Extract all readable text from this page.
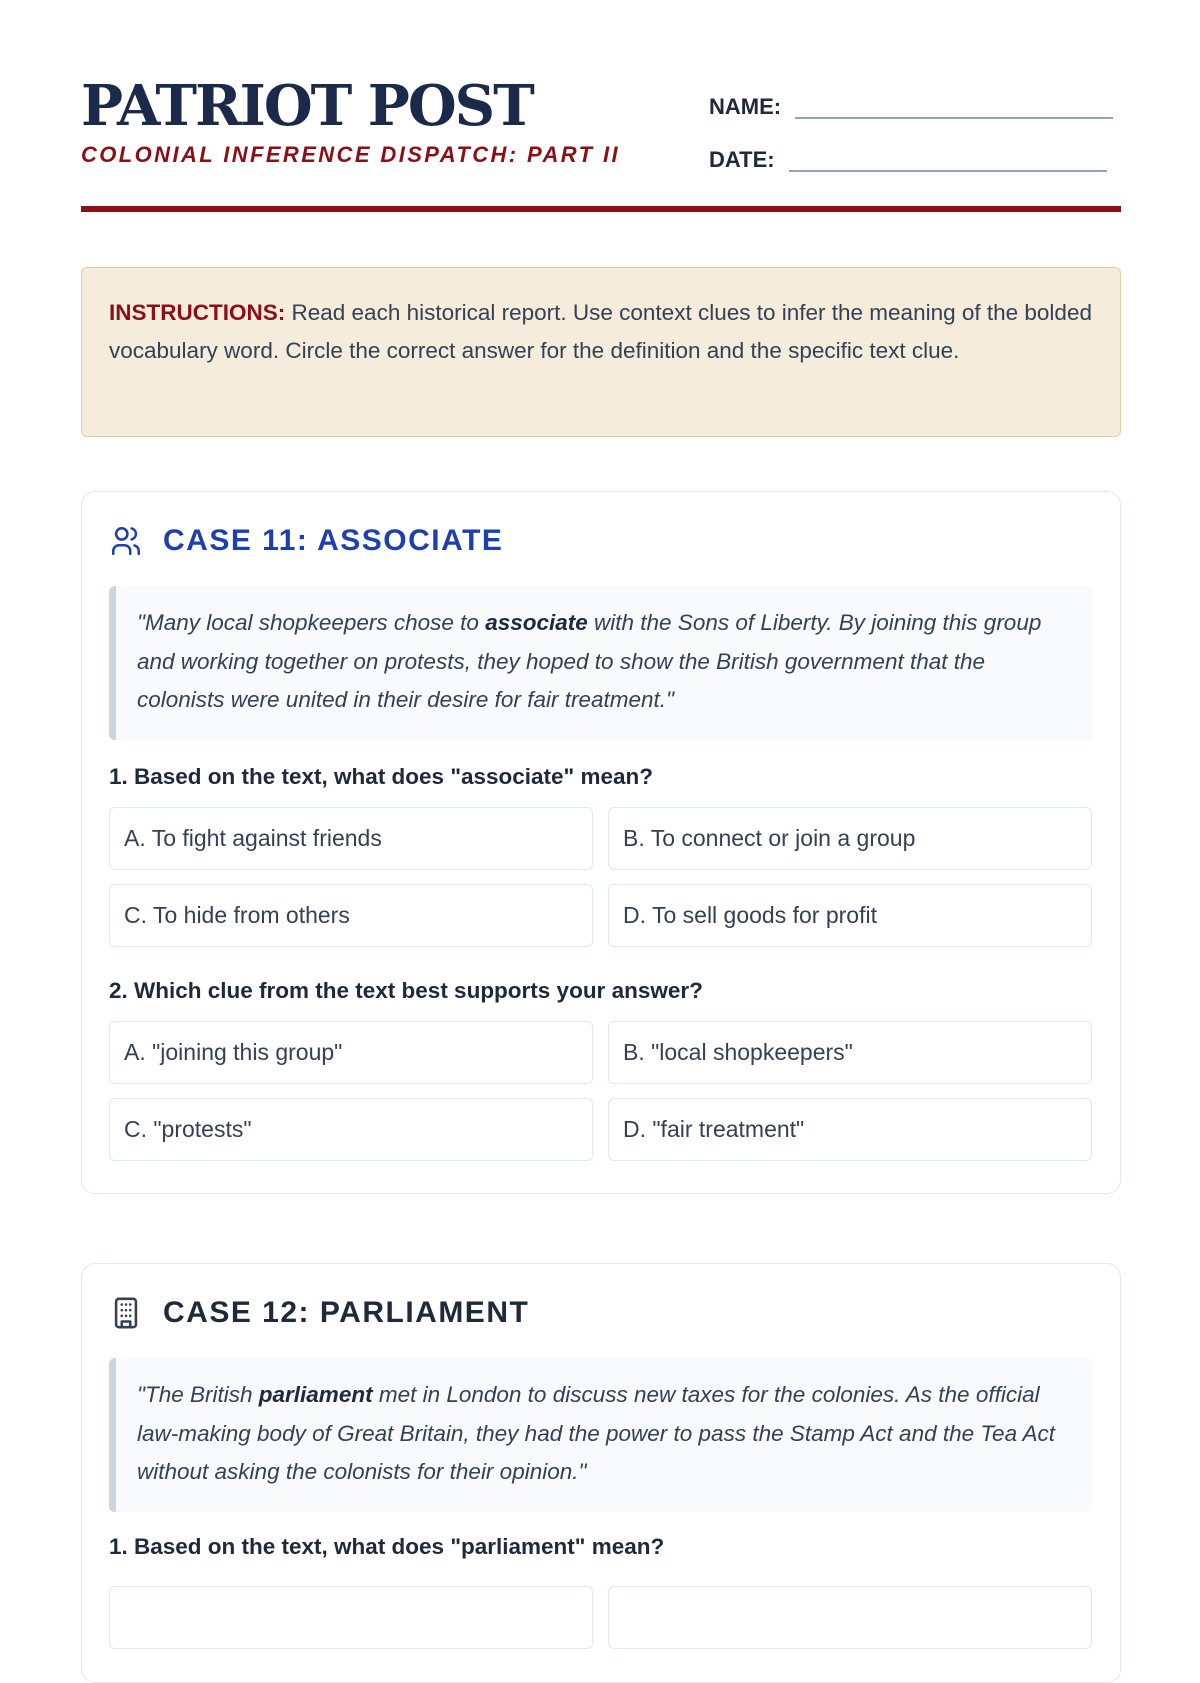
PATRIOT POST
COLONIAL INFERENCE DISPATCH: PART II
NAME:
DATE:
INSTRUCTIONS: Read each historical report. Use context clues to infer the meaning of the bolded vocabulary word. Circle the correct answer for the definition and the specific text clue.
CASE 11: ASSOCIATE
"Many local shopkeepers chose to associate with the Sons of Liberty. By joining this group and working together on protests, they hoped to show the British government that the colonists were united in their desire for fair treatment."
1. Based on the text, what does "associate" mean?
A. To fight against friends	B. To connect or join a group
C. To hide from others	D. To sell goods for profit
2. Which clue from the text best supports your answer?
A. "joining this group"	B. "local shopkeepers"
C. "protests"	D. "fair treatment"
CASE 12: PARLIAMENT
"The British parliament met in London to discuss new taxes for the colonies. As the official law-making body of Great Britain, they had the power to pass the Stamp Act and the Tea Act without asking the colonists for their opinion."
1. Based on the text, what does "parliament" mean?
